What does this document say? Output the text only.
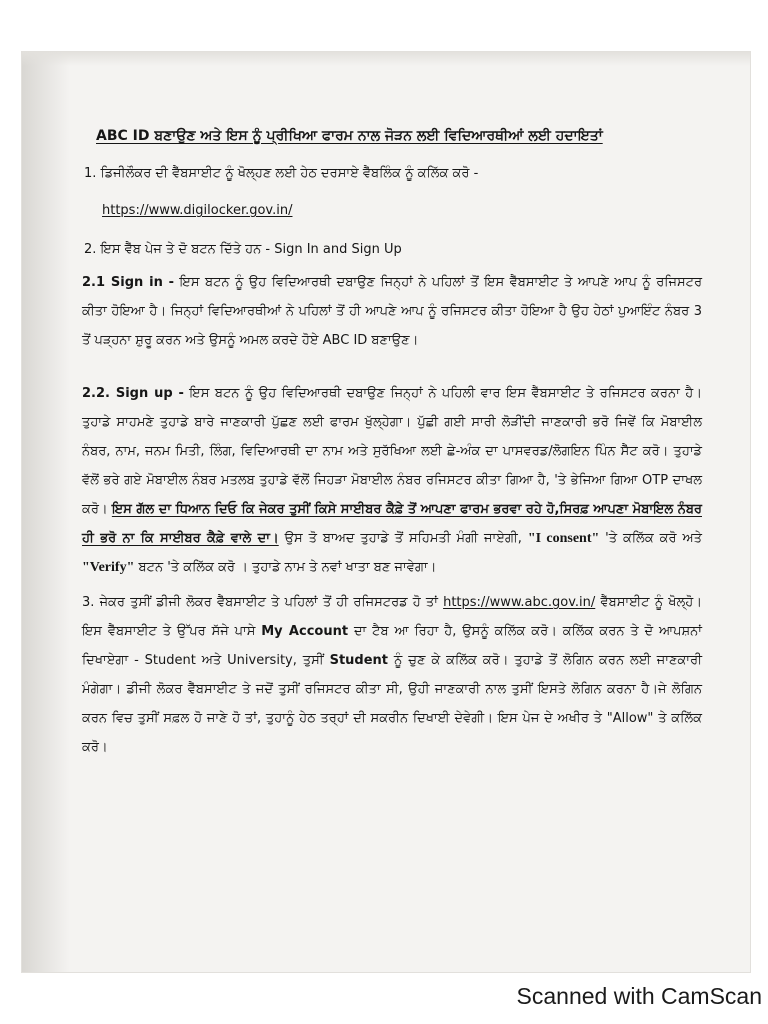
ABC ID ਬਣਾਉਣ ਅਤੇ ਇਸ ਨੂੰ ਪ੍ਰੀਖਿਆ ਫਾਰਮ ਨਾਲ ਜੋੜਨ ਲਈ ਵਿਦਿਆਰਥੀਆਂ ਲਈ ਹਦਾਇਤਾਂ
1. ਡਿਜੀਲੌਕਰ ਦੀ ਵੈੱਬਸਾਈਟ ਨੂੰ ਖੋਲ੍ਹਣ ਲਈ ਹੇਠ ਦਰਸਾਏ ਵੈੱਬਲਿੰਕ ਨੂੰ ਕਲਿੱਕ ਕਰੋ -
https://www.digilocker.gov.in/
2. ਇਸ ਵੈੱਬ ਪੇਜ ਤੇ ਦੋ ਬਟਨ ਦਿੱਤੇ ਹਨ - Sign In and Sign Up
2.1 Sign in - ਇਸ ਬਟਨ ਨੂੰ ਉਹ ਵਿਦਿਆਰਥੀ ਦਬਾਉਣ ਜਿਨ੍ਹਾਂ ਨੇ ਪਹਿਲਾਂ ਤੋਂ ਇਸ ਵੈੱਬਸਾਈਟ ਤੇ ਆਪਣੇ ਆਪ ਨੂੰ ਰਜਿਸਟਰ ਕੀਤਾ ਹੋਇਆ ਹੈ। ਜਿਨ੍ਹਾਂ ਵਿਦਿਆਰਥੀਆਂ ਨੇ ਪਹਿਲਾਂ ਤੋਂ ਹੀ ਆਪਣੇ ਆਪ ਨੂੰ ਰਜਿਸਟਰ ਕੀਤਾ ਹੋਇਆ ਹੈ ਉਹ ਹੇਠਾਂ ਪੁਆਇੰਟ ਨੰਬਰ 3 ਤੋਂ ਪੜ੍ਹਨਾ ਸ਼ੁਰੂ ਕਰਨ ਅਤੇ ਉਸਨੂੰ ਅਮਲ ਕਰਦੇ ਹੋਏ ABC ID ਬਣਾਉਣ।
2.2. Sign up - ਇਸ ਬਟਨ ਨੂੰ ਉਹ ਵਿਦਿਆਰਥੀ ਦਬਾਉਣ ਜਿਨ੍ਹਾਂ ਨੇ ਪਹਿਲੀ ਵਾਰ ਇਸ ਵੈੱਬਸਾਈਟ ਤੇ ਰਜਿਸਟਰ ਕਰਨਾ ਹੈ। ਤੁਹਾਡੇ ਸਾਹਮਣੇ ਤੁਹਾਡੇ ਬਾਰੇ ਜਾਣਕਾਰੀ ਪੁੱਛਣ ਲਈ ਫਾਰਮ ਖੁੱਲ੍ਹੇਗਾ। ਪੁੱਛੀ ਗਈ ਸਾਰੀ ਲੋੜੀਂਦੀ ਜਾਣਕਾਰੀ ਭਰੋ ਜਿਵੇਂ ਕਿ ਮੋਬਾਈਲ ਨੰਬਰ, ਨਾਮ, ਜਨਮ ਮਿਤੀ, ਲਿੰਗ, ਵਿਦਿਆਰਥੀ ਦਾ ਨਾਮ ਅਤੇ ਸੁਰੱਖਿਆ ਲਈ ਛੇ-ਅੰਕ ਦਾ ਪਾਸਵਰਡ/ਲੋਗਇਨ ਪਿੰਨ ਸੈੱਟ ਕਰੋ। ਤੁਹਾਡੇ ਵੱਲੋਂ ਭਰੇ ਗਏ ਮੋਬਾਈਲ ਨੰਬਰ ਮਤਲਬ ਤੁਹਾਡੇ ਵੱਲੋਂ ਜਿਹੜਾ ਮੋਬਾਈਲ ਨੰਬਰ ਰਜਿਸਟਰ ਕੀਤਾ ਗਿਆ ਹੈ, 'ਤੇ ਭੇਜਿਆ ਗਿਆ OTP ਦਾਖਲ ਕਰੋ। ਇਸ ਗੱਲ ਦਾ ਧਿਆਨ ਦਿਓ ਕਿ ਜੇਕਰ ਤੁਸੀਂ ਕਿਸੇ ਸਾਈਬਰ ਕੈਫ਼ੇ ਤੋਂ ਆਪਣਾ ਫਾਰਮ ਭਰਵਾ ਰਹੇ ਹੋ,ਸਿਰਫ਼ ਆਪਣਾ ਮੋਬਾਇਲ ਨੰਬਰ ਹੀ ਭਰੋ ਨਾ ਕਿ ਸਾਈਬਰ ਕੈਫ਼ੇ ਵਾਲੇ ਦਾ। ਉਸ ਤੋ ਬਾਅਦ ਤੁਹਾਡੇ ਤੋਂ ਸਹਿਮਤੀ ਮੰਗੀ ਜਾਏਗੀ, "I consent" 'ਤੇ ਕਲਿੱਕ ਕਰੋ ਅਤੇ "Verify" ਬਟਨ 'ਤੇ ਕਲਿੱਕ ਕਰੋ । ਤੁਹਾਡੇ ਨਾਮ ਤੇ ਨਵਾਂ ਖਾਤਾ ਬਣ ਜਾਵੇਗਾ।
3. ਜੇਕਰ ਤੁਸੀਂ ਡੀਜੀ ਲੋਕਰ ਵੈੱਬਸਾਈਟ ਤੇ ਪਹਿਲਾਂ ਤੋਂ ਹੀ ਰਜਿਸਟਰਡ ਹੋ ਤਾਂ https://www.abc.gov.in/ ਵੈੱਬਸਾਈਟ ਨੂੰ ਖੋਲ੍ਹੋ। ਇਸ ਵੈੱਬਸਾਈਟ ਤੇ ਉੱਪਰ ਸੱਜੇ ਪਾਸੇ My Account ਦਾ ਟੈਬ ਆ ਰਿਹਾ ਹੈ, ਉਸਨੂੰ ਕਲਿੱਕ ਕਰੋ। ਕਲਿੱਕ ਕਰਨ ਤੇ ਦੋ ਆਪਸ਼ਨਾਂ ਦਿਖਾਏਗਾ - Student ਅਤੇ University, ਤੁਸੀਂ Student ਨੂੰ ਚੁਣ ਕੇ ਕਲਿੱਕ ਕਰੋ। ਤੁਹਾਡੇ ਤੋਂ ਲੋਗਿਨ ਕਰਨ ਲਈ ਜਾਣਕਾਰੀ ਮੰਗੇਗਾ। ਡੀਜੀ ਲੋਕਰ ਵੈੱਬਸਾਈਟ ਤੇ ਜਦੋਂ ਤੁਸੀਂ ਰਜਿਸਟਰ ਕੀਤਾ ਸੀ, ਉਹੀ ਜਾਣਕਾਰੀ ਨਾਲ ਤੁਸੀਂ ਇਸਤੇ ਲੋਗਿਨ ਕਰਨਾ ਹੈ।ਜੇ ਲੋਗਿਨ ਕਰਨ ਵਿਚ ਤੁਸੀਂ ਸਫ਼ਲ ਹੋ ਜਾਣੇ ਹੋ ਤਾਂ, ਤੁਹਾਨੂੰ ਹੇਠ ਤਰ੍ਹਾਂ ਦੀ ਸਕਰੀਨ ਦਿਖਾਈ ਦੇਵੇਗੀ। ਇਸ ਪੇਜ ਦੇ ਅਖੀਰ ਤੇ "Allow" ਤੇ ਕਲਿੱਕ ਕਰੋ।
Scanned with CamScan
